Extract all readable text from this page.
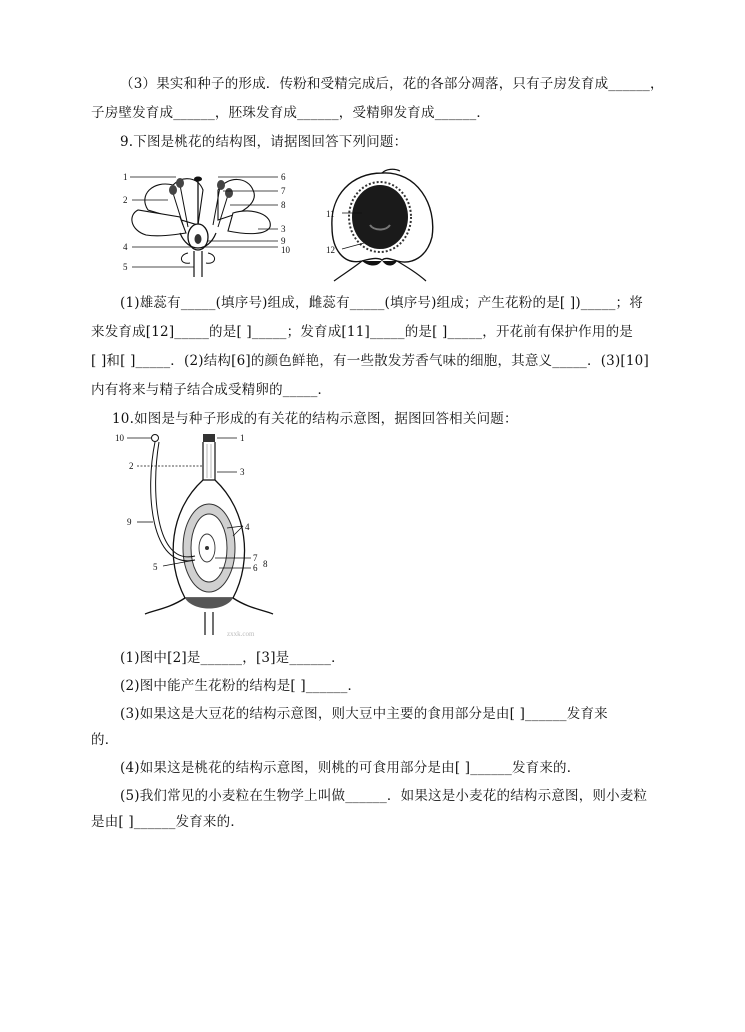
（3）果实和种子的形成．传粉和受精完成后，花的各部分凋落，只有子房发育成______，
子房壁发育成______，胚珠发育成______，受精卵发育成______．
9.下图是桃花的结构图，请据图回答下列问题：
1
2
4
5
6
7
8
3
9
10
11
12
(1)雄蕊有_____(填序号)组成，雌蕊有_____(填序号)组成；产生花粉的是[ ])_____；将
来发育成[12]_____的是[ ]_____；发育成[11]_____的是[ ]_____，开花前有保护作用的是
[ ]和[ ]_____．(2)结构[6]的颜色鲜艳，有一些散发芳香气味的细胞，其意义_____．(3)[10]
内有将来与精子结合成受精卵的_____．
10.如图是与种子形成的有关花的结构示意图，据图回答相关问题：
1
2
3
10
9	4
5
7
6 8
zxxk.com
(1)图中[2]是______，[3]是______．
(2)图中能产生花粉的结构是[ ]______．
(3)如果这是大豆花的结构示意图，则大豆中主要的食用部分是由[ ]______发育来
的．
(4)如果这是桃花的结构示意图，则桃的可食用部分是由[ ]______发育来的．
(5)我们常见的小麦粒在生物学上叫做______．如果这是小麦花的结构示意图，则小麦粒
是由[ ]______发育来的．
